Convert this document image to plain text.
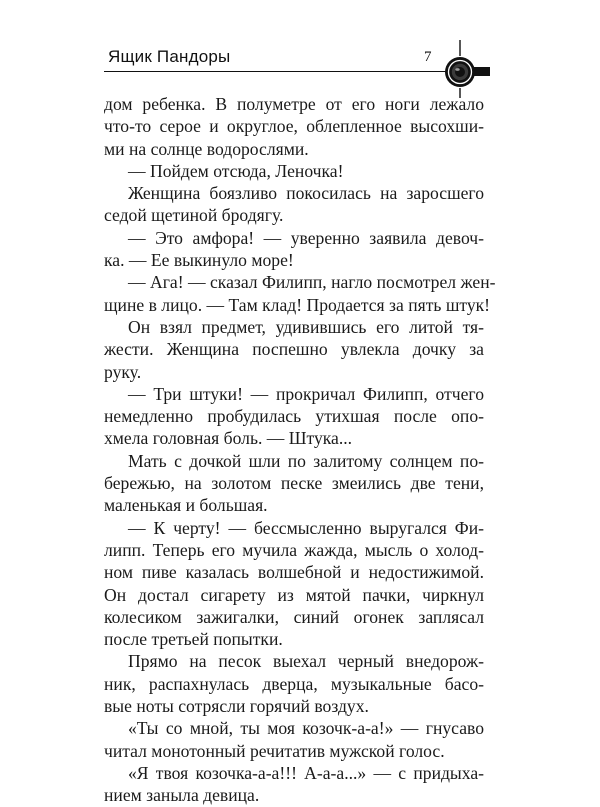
Ящик Пандоры	7

дом ребенка. В полуметре от его ноги лежало
что-то серое и округлое, облепленное высохши-
ми на солнце водорослями.

— Пойдем отсюда, Леночка!

Женщина боязливо покосилась на заросшего
седой щетиной бродягу.

— Это амфора! — уверенно заявила девоч-
ка. — Ее выкинуло море!

— Ага! — сказал Филипп, нагло посмотрел жен-
щине в лицо. — Там клад! Продается за пять штук!

Он взял предмет, удивившись его литой тя-
жести. Женщина поспешно увлекла дочку за
руку.

— Три штуки! — прокричал Филипп, отчего
немедленно пробудилась утихшая после опо-
хмела головная боль. — Штука...

Мать с дочкой шли по залитому солнцем по-
бережью, на золотом песке змеились две тени,
маленькая и большая.

— К черту! — бессмысленно выругался Фи-
липп. Теперь его мучила жажда, мысль о холод-
ном пиве казалась волшебной и недостижимой.
Он достал сигарету из мятой пачки, чиркнул
колесиком зажигалки, синий огонек заплясал
после третьей попытки.

Прямо на песок выехал черный внедорож-
ник, распахнулась дверца, музыкальные басо-
вые ноты сотрясли горячий воздух.

«Ты со мной, ты моя козочк-а-а!» — гнусаво
читал монотонный речитатив мужской голос.

«Я твоя козочка-а-а!!! А-а-а...» — с придыха-
нием заныла девица.
